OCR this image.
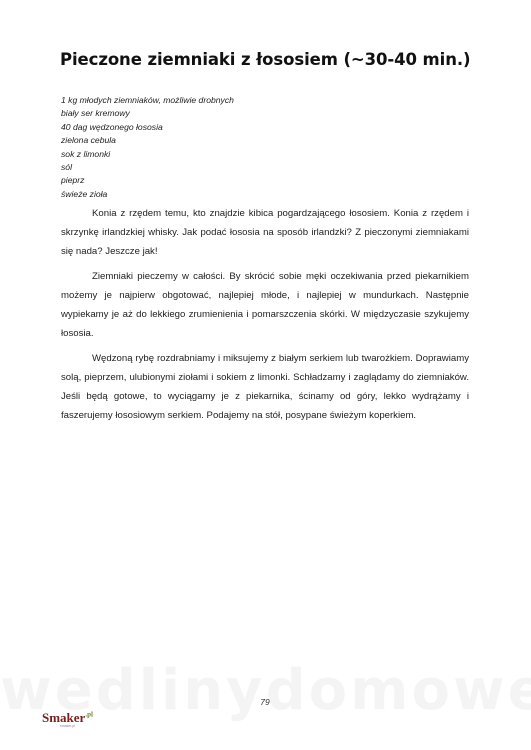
Pieczone ziemniaki z łososiem (~30-40 min.)
1 kg młodych ziemniaków, możliwie drobnych
biały ser kremowy
40 dag wędzonego łososia
zielona cebula
sok z limonki
sól
pieprz
świeże zioła

Konia z rzędem temu, kto znajdzie kibica pogardzającego łososiem. Konia z rzędem i skrzynkę irlandzkiej whisky. Jak podać łososia na sposób irlandzki? Z pieczonymi ziemniakami się nada? Jeszcze jak!

Ziemniaki pieczemy w całości. By skrócić sobie męki oczekiwania przed piekarnikiem możemy je najpierw obgotować, najlepiej młode, i najlepiej w mundurkach. Następnie wypiekamy je aż do lekkiego zrumienienia i pomarszczenia skórki. W międzyczasie szykujemy łososia.

Wędzoną rybę rozdrabniamy i miksujemy z białym serkiem lub twarożkiem. Doprawiamy solą, pieprzem, ulubionymi ziołami i sokiem z limonki. Schładzamy i zaglądamy do ziemniaków. Jeśli będą gotowe, to wyciągamy je z piekarnika, ścinamy od góry, lekko wydrążamy i faszerujemy łososiowym serkiem. Podajemy na stół, posypane świeżym koperkiem.

79
Smaker$^{.pl}$
smaker.pl
